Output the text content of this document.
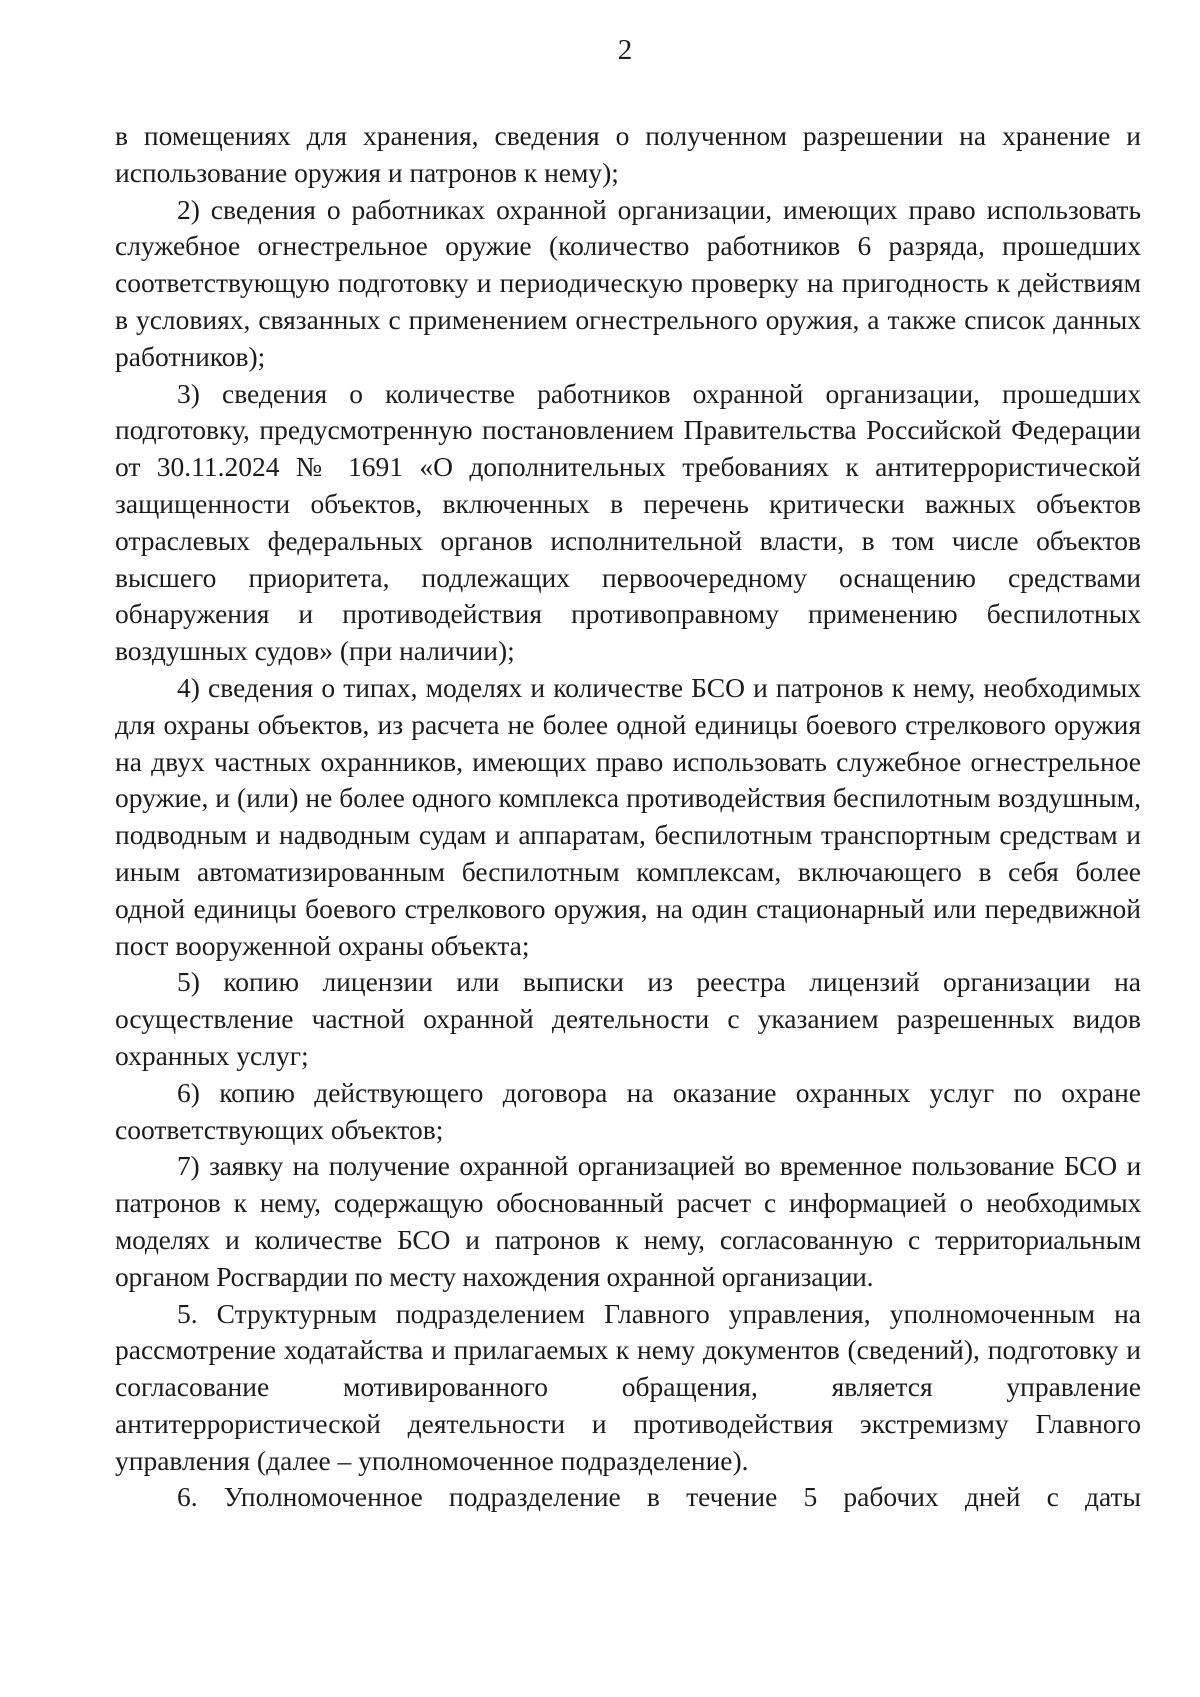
2

в помещениях для хранения, сведения о полученном разрешении на хранение и использование оружия и патронов к нему);

2) сведения о работниках охранной организации, имеющих право использовать служебное огнестрельное оружие (количество работников 6 разряда, прошедших соответствующую подготовку и периодическую проверку на пригодность к действиям в условиях, связанных с применением огнестрельного оружия, а также список данных работников);

3) сведения о количестве работников охранной организации, прошедших подготовку, предусмотренную постановлением Правительства Российской Федерации от 30.11.2024 № 1691 «О дополнительных требованиях к антитеррористической защищенности объектов, включенных в перечень критически важных объектов отраслевых федеральных органов исполнительной власти, в том числе объектов высшего приоритета, подлежащих первоочередному оснащению средствами обнаружения и противодействия противоправному применению беспилотных воздушных судов» (при наличии);

4) сведения о типах, моделях и количестве БСО и патронов к нему, необходимых для охраны объектов, из расчета не более одной единицы боевого стрелкового оружия на двух частных охранников, имеющих право использовать служебное огнестрельное оружие, и (или) не более одного комплекса противодействия беспилотным воздушным, подводным и надводным судам и аппаратам, беспилотным транспортным средствам и иным автоматизированным беспилотным комплексам, включающего в себя более одной единицы боевого стрелкового оружия, на один стационарный или передвижной пост вооруженной охраны объекта;

5) копию лицензии или выписки из реестра лицензий организации на осуществление частной охранной деятельности с указанием разрешенных видов охранных услуг;

6) копию действующего договора на оказание охранных услуг по охране соответствующих объектов;

7) заявку на получение охранной организацией во временное пользование БСО и патронов к нему, содержащую обоснованный расчет с информацией о необходимых моделях и количестве БСО и патронов к нему, согласованную с территориальным органом Росгвардии по месту нахождения охранной организации.

5. Структурным подразделением Главного управления, уполномоченным на рассмотрение ходатайства и прилагаемых к нему документов (сведений), подготовку и согласование мотивированного обращения, является управление антитеррористической деятельности и противодействия экстремизму Главного управления (далее – уполномоченное подразделение).

6. Уполномоченное подразделение в течение 5 рабочих дней с даты
